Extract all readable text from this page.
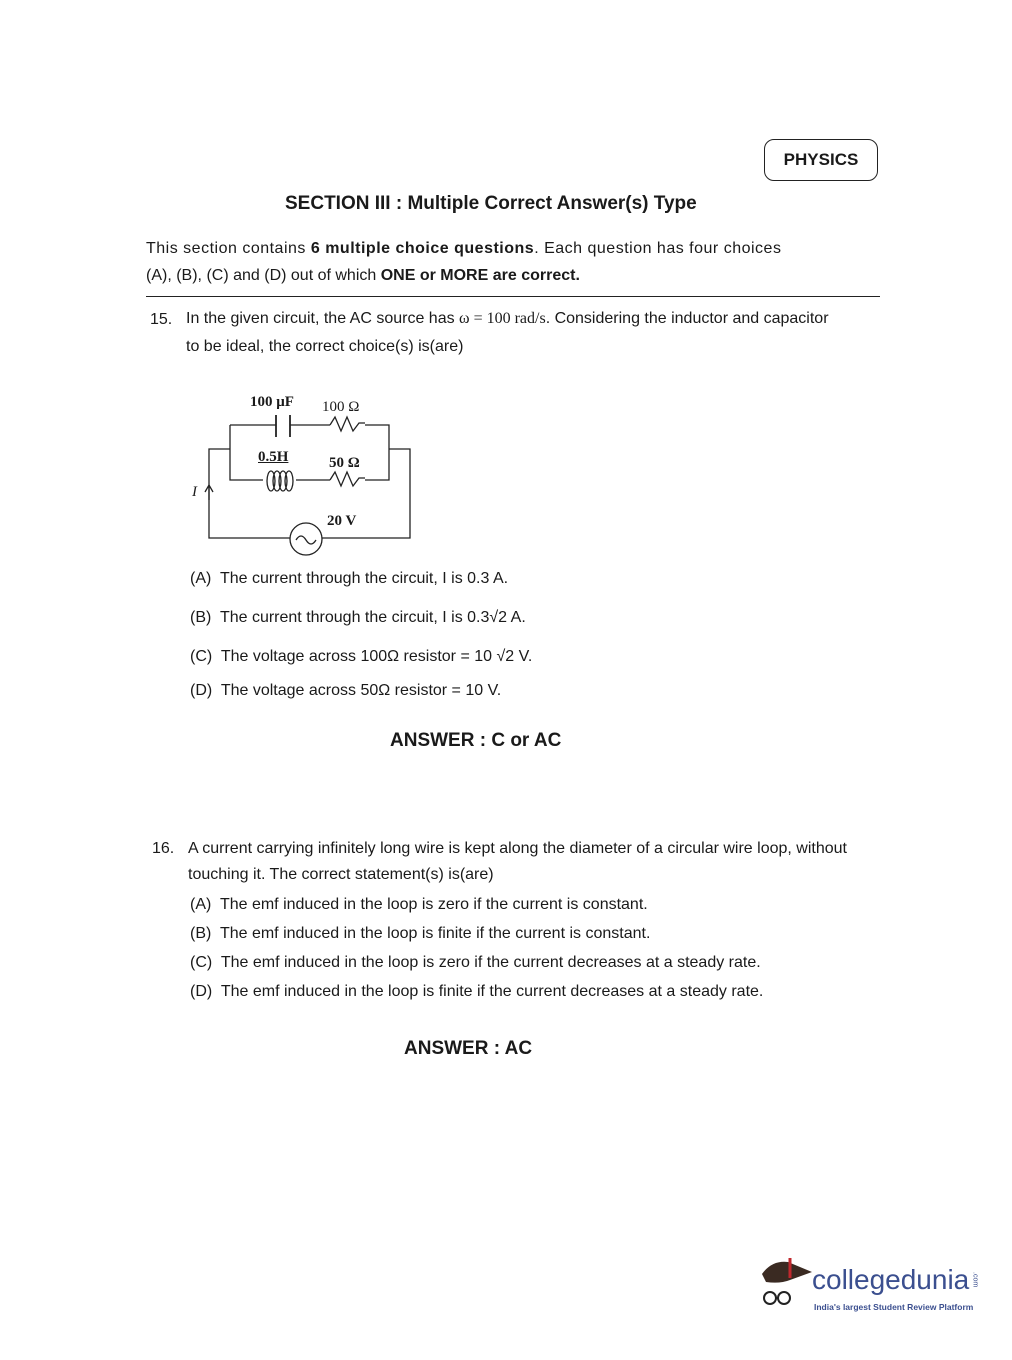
PHYSICS
SECTION III : Multiple Correct Answer(s) Type
This section contains 6 multiple choice questions. Each question has four choices
(A), (B), (C) and (D) out of which ONE or MORE are correct.
15. In the given circuit, the AC source has ω = 100 rad/s. Considering the inductor and capacitor
to be ideal, the correct choice(s) is(are)
100 μF 100 Ω
0.5H	50 Ω
20 V
I
(A) The current through the circuit, I is 0.3 A.
(B) The current through the circuit, I is 0.3√2 A.
(C) The voltage across 100Ω resistor = 10 √2 V.
(D) The voltage across 50Ω resistor = 10 V.
ANSWER : C or AC
16. A current carrying infinitely long wire is kept along the diameter of a circular wire loop, without
touching it. The correct statement(s) is(are)
(A) The emf induced in the loop is zero if the current is constant.
(B) The emf induced in the loop is finite if the current is constant.
(C) The emf induced in the loop is zero if the current decreases at a steady rate.
(D) The emf induced in the loop is finite if the current decreases at a steady rate.
ANSWER : AC
collegedunia .com
India's largest Student Review Platform
